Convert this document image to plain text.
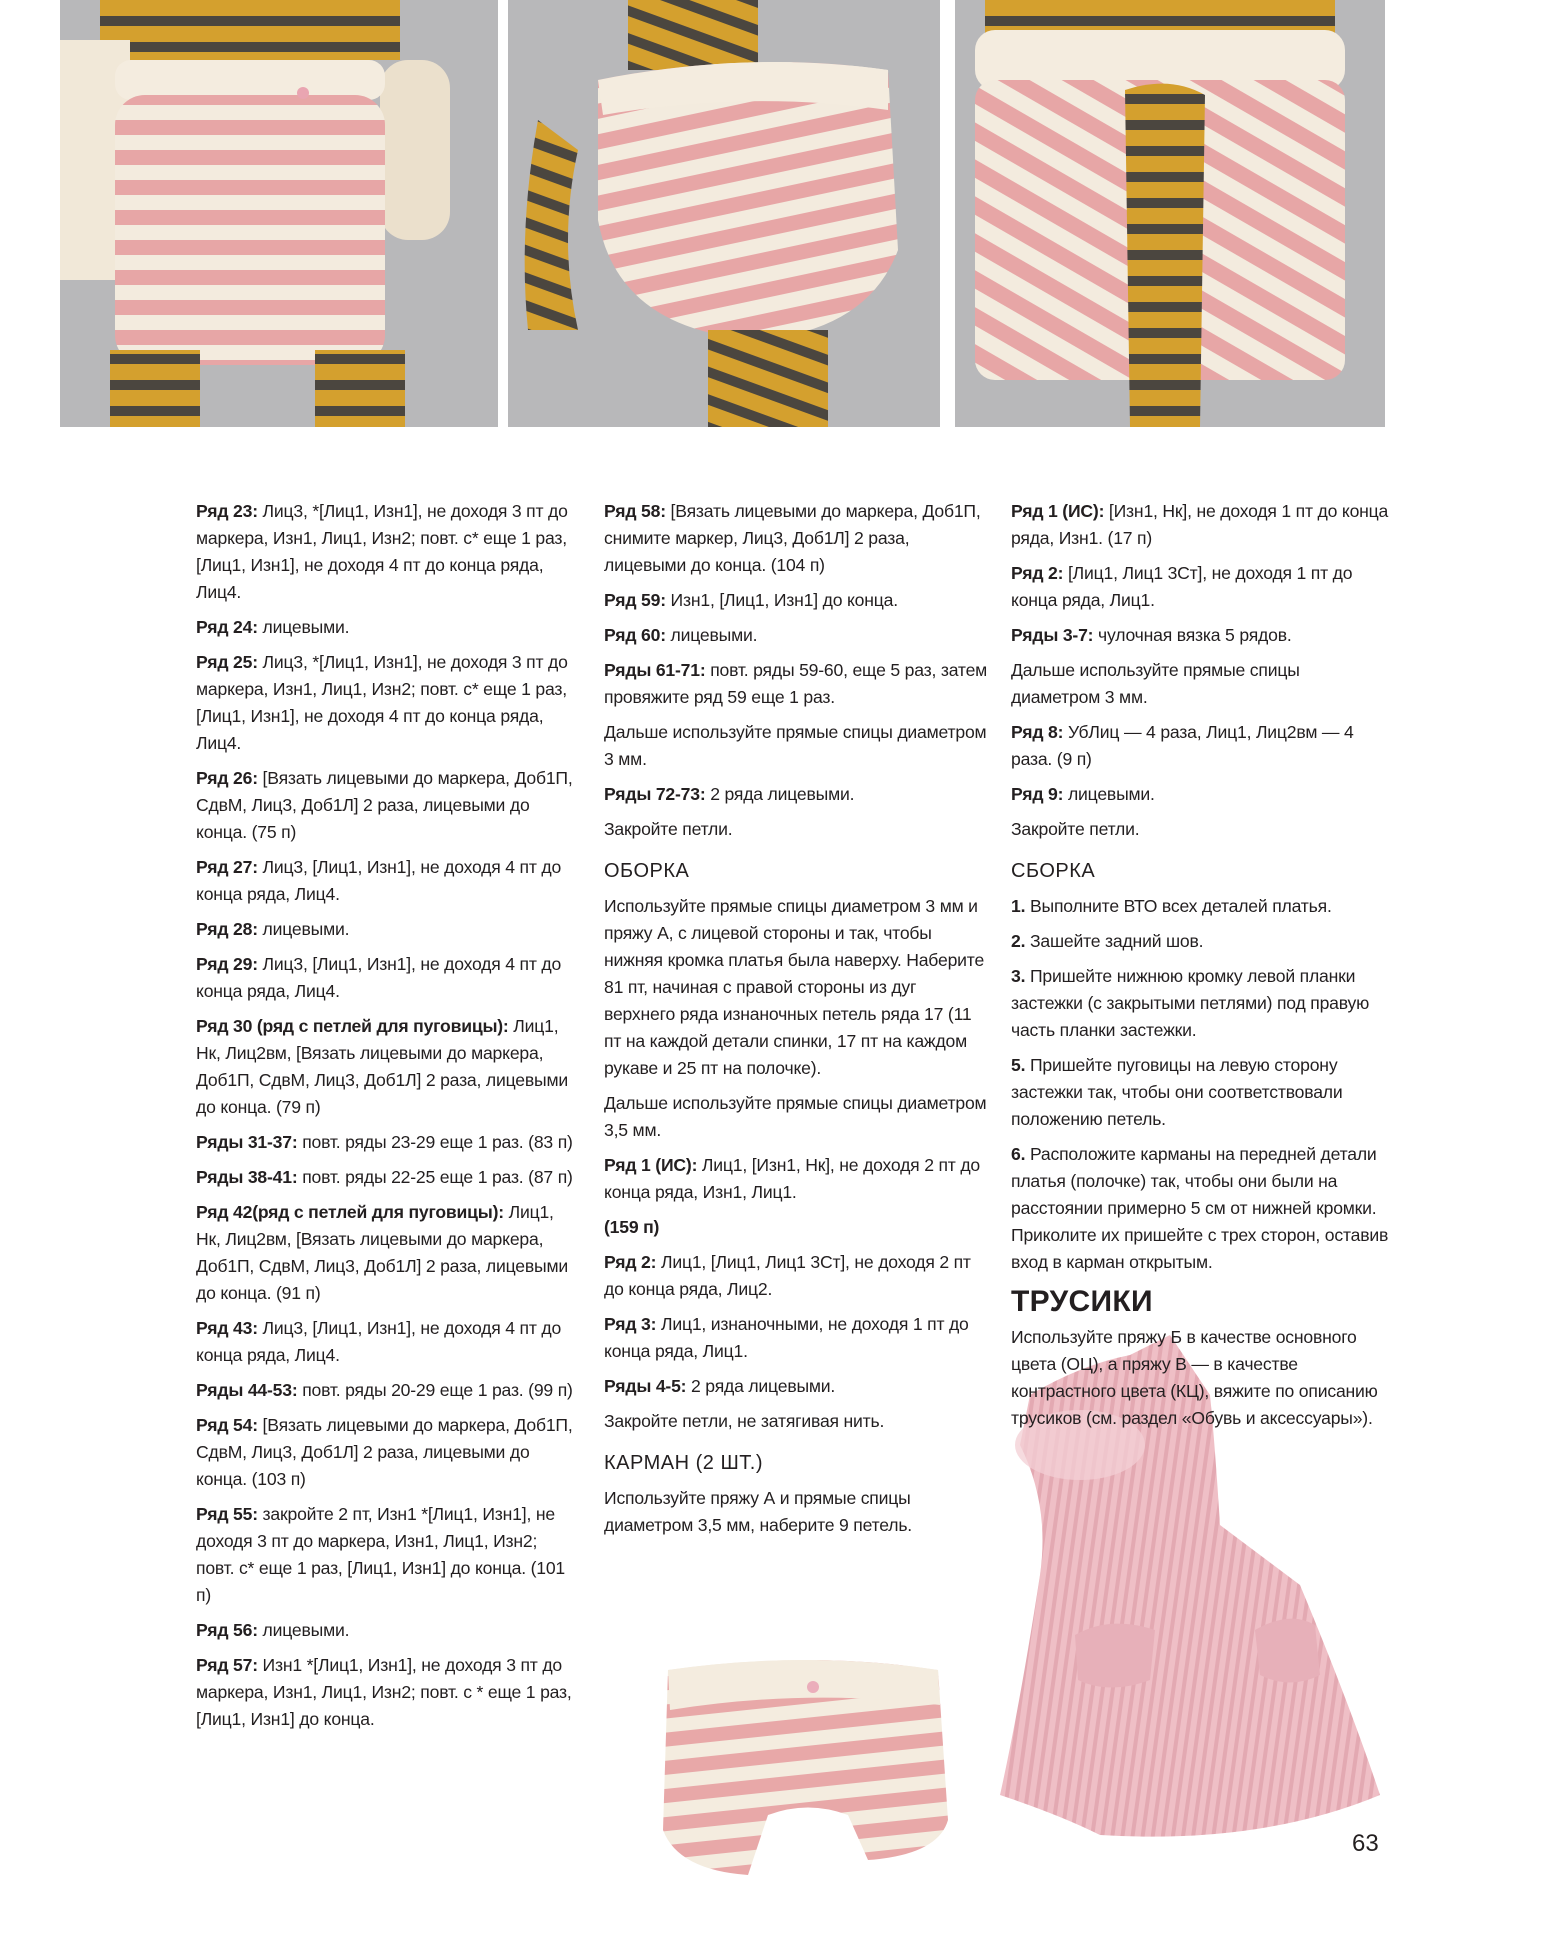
Ряд 23: Лиц3, *[Лиц1, Изн1], не доходя 3 пт до маркера, Изн1, Лиц1, Изн2; повт. с* еще 1 раз, [Лиц1, Изн1], не доходя 4 пт до конца ряда, Лиц4.

Ряд 24: лицевыми.

Ряд 25: Лиц3, *[Лиц1, Изн1], не доходя 3 пт до маркера, Изн1, Лиц1, Изн2; повт. с* еще 1 раз, [Лиц1, Изн1], не доходя 4 пт до конца ряда, Лиц4.

Ряд 26: [Вязать лицевыми до маркера, Доб1П, СдвМ, Лиц3, Доб1Л] 2 раза, лицевыми до конца. (75 п)

Ряд 27: Лиц3, [Лиц1, Изн1], не доходя 4 пт до конца ряда, Лиц4.

Ряд 28: лицевыми.

Ряд 29: Лиц3, [Лиц1, Изн1], не доходя 4 пт до конца ряда, Лиц4.

Ряд 30 (ряд с петлей для пуговицы): Лиц1, Нк, Лиц2вм, [Вязать лицевыми до маркера, Доб1П, СдвМ, Лиц3, Доб1Л] 2 раза, лицевыми до конца. (79 п)

Ряды 31-37: повт. ряды 23-29 еще 1 раз. (83 п)

Ряды 38-41: повт. ряды 22-25 еще 1 раз. (87 п)

Ряд 42(ряд с петлей для пуговицы): Лиц1, Нк, Лиц2вм, [Вязать лицевыми до маркера, Доб1П, СдвМ, Лиц3, Доб1Л] 2 раза, лицевыми до конца. (91 п)

Ряд 43: Лиц3, [Лиц1, Изн1], не доходя 4 пт до конца ряда, Лиц4.

Ряды 44-53: повт. ряды 20-29 еще 1 раз. (99 п)

Ряд 54: [Вязать лицевыми до маркера, Доб1П, СдвМ, Лиц3, Доб1Л] 2 раза, лицевыми до конца. (103 п)

Ряд 55: закройте 2 пт, Изн1 *[Лиц1, Изн1], не доходя 3 пт до маркера, Изн1, Лиц1, Изн2; повт. с* еще 1 раз, [Лиц1, Изн1] до конца. (101 п)

Ряд 56: лицевыми.

Ряд 57: Изн1 *[Лиц1, Изн1], не доходя 3 пт до маркера, Изн1, Лиц1, Изн2; повт. с * еще 1 раз, [Лиц1, Изн1] до конца.

Ряд 58: [Вязать лицевыми до маркера, Доб1П, снимите маркер, Лиц3, Доб1Л] 2 раза, лицевыми до конца. (104 п)

Ряд 59: Изн1, [Лиц1, Изн1] до конца.

Ряд 60: лицевыми.

Ряды 61-71: повт. ряды 59-60, еще 5 раз, затем провяжите ряд 59 еще 1 раз.

Дальше используйте прямые спицы диаметром 3 мм.

Ряды 72-73: 2 ряда лицевыми.

Закройте петли.

ОБОРКА

Используйте прямые спицы диаметром 3 мм и пряжу А, с лицевой стороны и так, чтобы нижняя кромка платья была наверху. Наберите 81 пт, начиная с правой стороны из дуг верхнего ряда изнаночных петель ряда 17 (11 пт на каждой детали спинки, 17 пт на каждом рукаве и 25 пт на полочке).

Дальше используйте прямые спицы диаметром 3,5 мм.

Ряд 1 (ИС): Лиц1, [Изн1, Нк], не доходя 2 пт до конца ряда, Изн1, Лиц1.

(159 п)

Ряд 2: Лиц1, [Лиц1, Лиц1 3Ст], не доходя 2 пт до конца ряда, Лиц2.

Ряд 3: Лиц1, изнаночными, не доходя 1 пт до конца ряда, Лиц1.

Ряды 4-5: 2 ряда лицевыми.

Закройте петли, не затягивая нить.

КАРМАН (2 ШТ.)

Используйте пряжу А и прямые спицы диаметром 3,5 мм, наберите 9 петель.

Ряд 1 (ИС): [Изн1, Нк], не доходя 1 пт до конца ряда, Изн1. (17 п)

Ряд 2: [Лиц1, Лиц1 3Ст], не доходя 1 пт до конца ряда, Лиц1.

Ряды 3-7: чулочная вязка 5 рядов.

Дальше используйте прямые спицы диаметром 3 мм.

Ряд 8: УбЛиц — 4 раза, Лиц1, Лиц2вм — 4 раза. (9 п)

Ряд 9: лицевыми.

Закройте петли.

СБОРКА

1. Выполните ВТО всех деталей платья.

2. Зашейте задний шов.

3. Пришейте нижнюю кромку левой планки застежки (с закрытыми петлями) под правую часть планки застежки.

5. Пришейте пуговицы на левую сторону застежки так, чтобы они соответствовали положению петель.

6. Расположите карманы на передней детали платья (полочке) так, чтобы они были на расстоянии примерно 5 см от нижней кромки. Приколите их пришейте с трех сторон, оставив вход в карман открытым.

ТРУСИКИ

Используйте пряжу Б в качестве основного цвета (ОЦ), а пряжу В — в качестве контрастного цвета (КЦ), вяжите по описанию трусиков (см. раздел «Обувь и аксессуары»).

63
